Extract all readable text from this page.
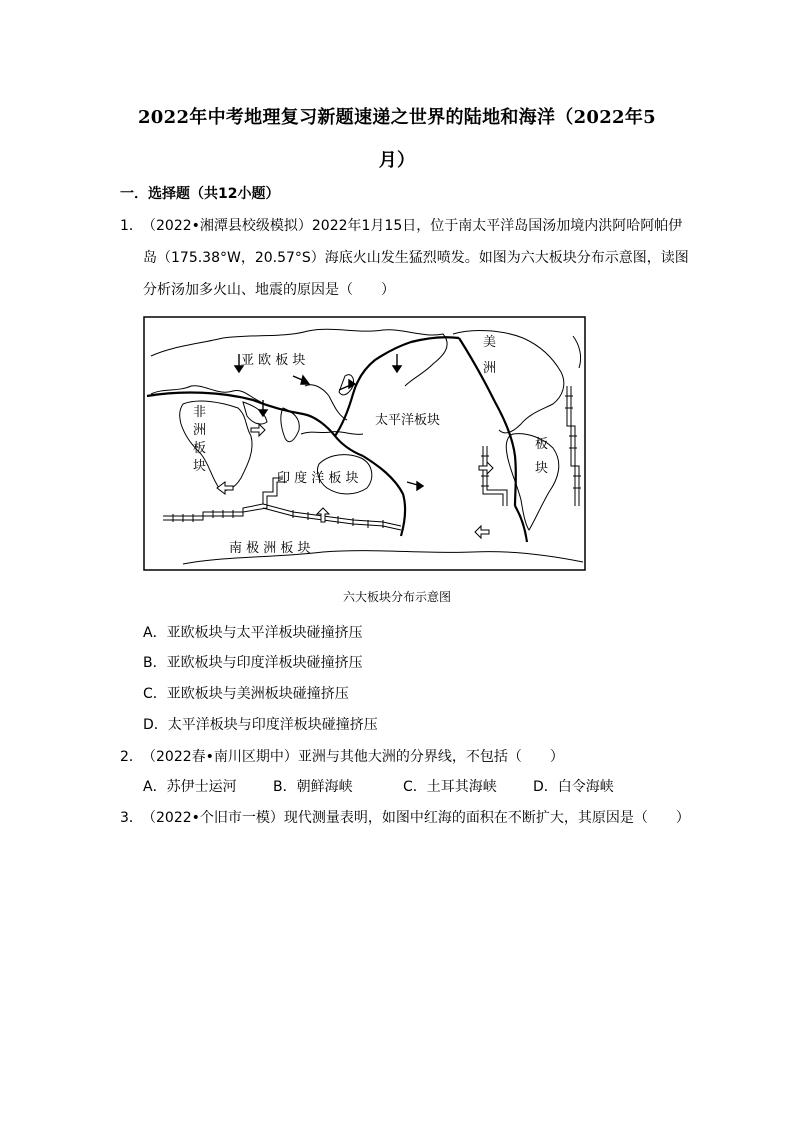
2022年中考地理复习新题速递之世界的陆地和海洋（2022年5
月）
一．选择题（共12小题）
1．（2022•湘潭县校级模拟）2022年1月15日，位于南太平洋岛国汤加境内洪阿哈阿帕伊
岛（175.38°W，20.57°S）海底火山发生猛烈喷发。如图为六大板块分布示意图，读图
分析汤加多火山、地震的原因是（　　）
亚 欧 板 块
非
洲
板
块
太平洋板块
印 度 洋 板 块
美
洲
板
块
南 极 洲 板 块
六大板块分布示意图
A．亚欧板块与太平洋板块碰撞挤压
B．亚欧板块与印度洋板块碰撞挤压
C．亚欧板块与美洲板块碰撞挤压
D．太平洋板块与印度洋板块碰撞挤压
2．（2022春•南川区期中）亚洲与其他大洲的分界线，不包括（　　）
A．苏伊士运河	B．朝鲜海峡	C．土耳其海峡	D．白令海峡
3．（2022•个旧市一模）现代测量表明，如图中红海的面积在不断扩大，其原因是（　　）
